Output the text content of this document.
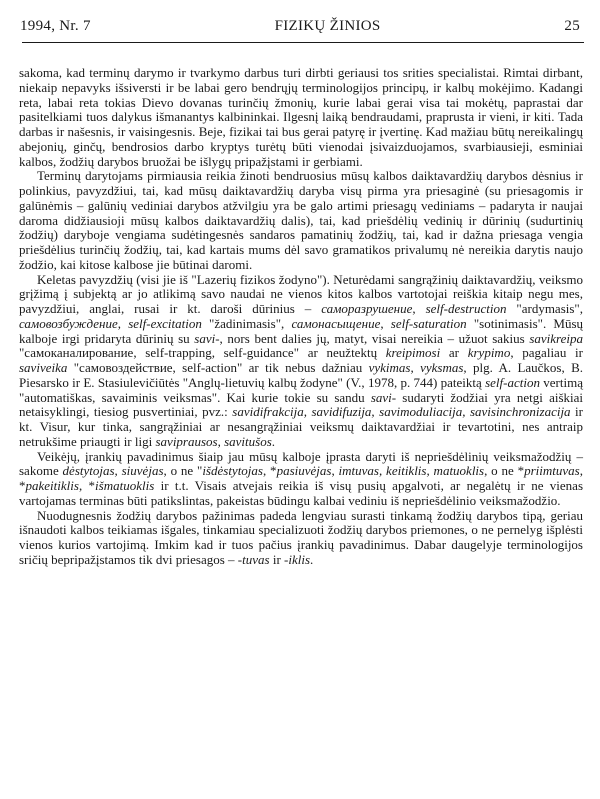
1994, Nr. 7	FIZIKŲ ŽINIOS	25

sakoma, kad terminų darymo ir tvarkymo darbus turi dirbti geriausi tos srities specialistai. Rimtai dirbant, niekaip nepavyks išsiversti ir be labai gero bendrųjų terminologijos principų, ir kalbų mokėjimo. Kadangi reta, labai reta tokias Dievo dovanas turinčių žmonių, kurie labai gerai visa tai mokėtų, paprastai dar pasitelkiami tuos dalykus išmanantys kalbininkai. Ilgesnį laiką bendraudami, praprusta ir vieni, ir kiti. Tada darbas ir našesnis, ir vaisingesnis. Beje, fizikai tai bus gerai patyrę ir įvertinę. Kad mažiau būtų nereikalingų abejonių, ginčų, bendrosios darbo kryptys turėtų būti vienodai įsivaizduojamos, svarbiausieji, esminiai kalbos, žodžių darybos bruožai be išlygų pripažįstami ir gerbiami.

Terminų darytojams pirmiausia reikia žinoti bendruosius mūsų kalbos daiktavardžių darybos dėsnius ir polinkius, pavyzdžiui, tai, kad mūsų daiktavardžių daryba visų pirma yra priesaginė (su priesagomis ir galūnėmis – galūnių vediniai darybos atžvilgiu yra be galo artimi priesagų vediniams – padaryta ir naujai daroma didžiausioji mūsų kalbos daiktavardžių dalis), tai, kad priešdėlių vedinių ir dūrinių (sudurtinių žodžių) daryboje vengiama sudėtingesnės sandaros pamatinių žodžių, tai, kad ir dažna priesaga vengia priešdėlius turinčių žodžių, tai, kad kartais mums dėl savo gramatikos privalumų nė nereikia darytis naujo žodžio, kai kitose kalbose jie būtinai daromi.

Keletas pavyzdžių (visi jie iš "Lazerių fizikos žodyno"). Neturėdami sangrąžinių daiktavardžių, veiksmo grįžimą į subjektą ar jo atlikimą savo naudai ne vienos kitos kalbos vartotojai reiškia kitaip negu mes, pavyzdžiui, anglai, rusai ir kt. daroši dūrinius – саморазрушение, self-destruction "ardymasis", самовозбуждение, self-excitation "žadinimasis", самонасыщение, self-saturation "sotinimasis". Mūsų kalboje irgi pridaryta dūrinių su savi-, nors bent dalies jų, matyt, visai nereikia – užuot sakius savikreipa "самоканалирование, self-trapping, self-guidance" ar neužtektų kreipimosi ar krypimo, pagaliau ir saviveika "самовоздействие, self-action" ar tik nebus dažniau vykimas, vyksmas, plg. A. Laučkos, B. Piesarsko ir E. Stasiulevičiūtės "Anglų-lietuvių kalbų žodyne" (V., 1978, p. 744) pateiktą self-action vertimą "automatiškas, savaiminis veiksmas". Kai kurie tokie su sandu savi- sudaryti žodžiai yra netgi aiškiai netaisyklingi, tiesiog pusvertiniai, pvz.: savidifrakcija, savidifuzija, savimoduliacija, savisinchronizacija ir kt. Visur, kur tinka, sangrąžiniai ar nesangrąžiniai veiksmų daiktavardžiai ir tevartotini, nes antraip netrukšime priaugti ir ligi saviprausos, savitušos.

Veikėjų, įrankių pavadinimus šiaip jau mūsų kalboje įprasta daryti iš nepriešdėlinių veiksmažodžių – sakome dėstytojas, siuvėjas, o ne "išdėstytojas, *pasiuvėjas, imtuvas, keitiklis, matuoklis, o ne *priimtuvas, *pakeitiklis, *išmatuoklis ir t.t. Visais atvejais reikia iš visų pusių apgalvoti, ar negalėtų ir ne vienas vartojamas terminas būti patikslintas, pakeistas būdingu kalbai vediniu iš nepriešdėlinio veiksmažodžio.

Nuodugnesnis žodžių darybos pažinimas padeda lengviau surasti tinkamą žodžių darybos tipą, geriau išnaudoti kalbos teikiamas išgales, tinkamiau specializuoti žodžių darybos priemones, o ne pernelyg išplėsti vienos kurios vartojimą. Imkim kad ir tuos pačius įrankių pavadinimus. Dabar daugelyje terminologijos sričių bepripažįstamos tik dvi priesagos – -tuvas ir -iklis.
